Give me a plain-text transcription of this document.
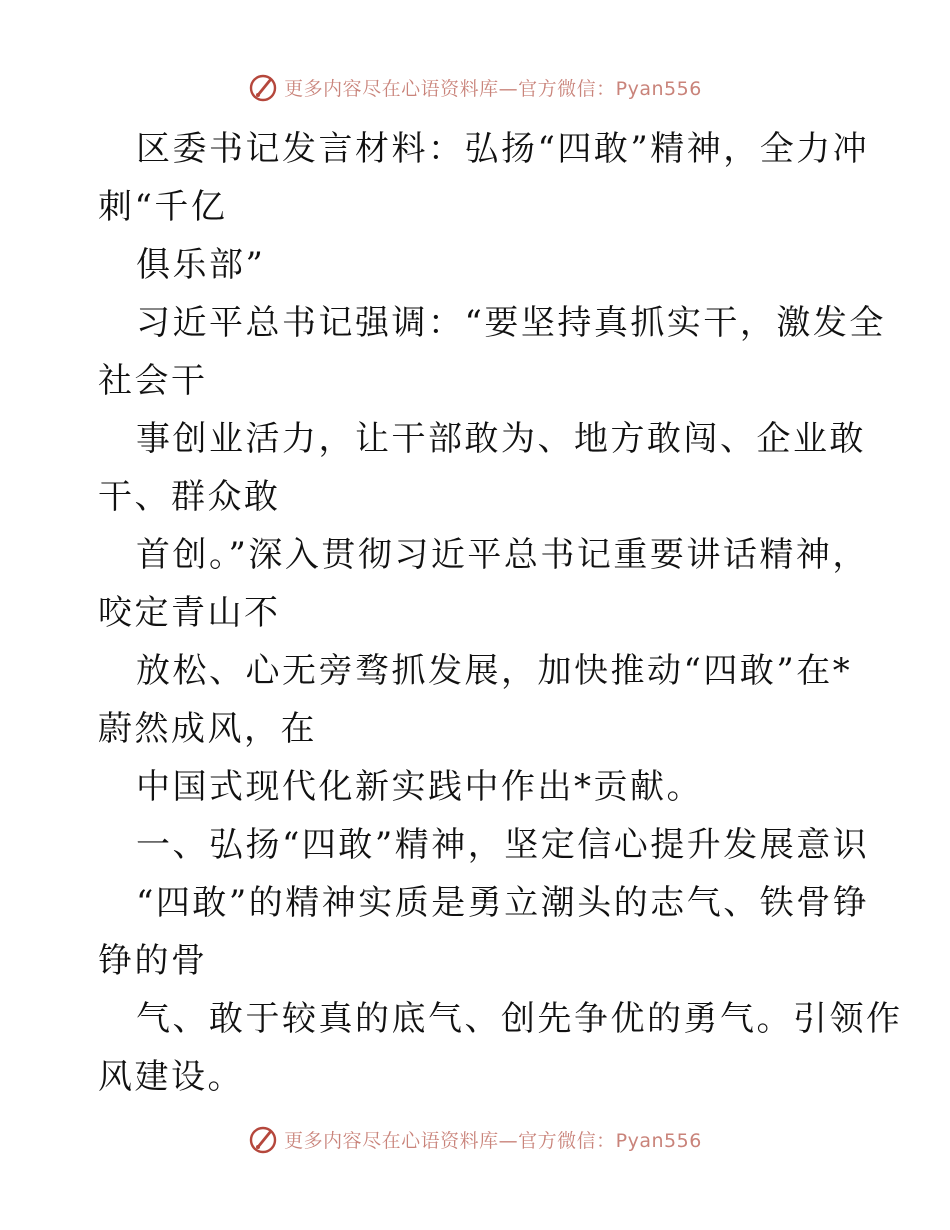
更多内容尽在心语资料库—官方微信：Pyan556
区委书记发言材料：弘扬“四敢”精神，全力冲
刺“千亿
俱乐部”
习近平总书记强调：“要坚持真抓实干，激发全
社会干
事创业活力，让干部敢为、地方敢闯、企业敢
干、群众敢
首创。”深入贯彻习近平总书记重要讲话精神，
咬定青山不
放松、心无旁骛抓发展，加快推动“四敢”在*
蔚然成风，在
中国式现代化新实践中作出*贡献。
一、弘扬“四敢”精神，坚定信心提升发展意识
“四敢”的精神实质是勇立潮头的志气、铁骨铮
铮的骨
气、敢于较真的底气、创先争优的勇气。引领作
风建设。
更多内容尽在心语资料库—官方微信：Pyan556
